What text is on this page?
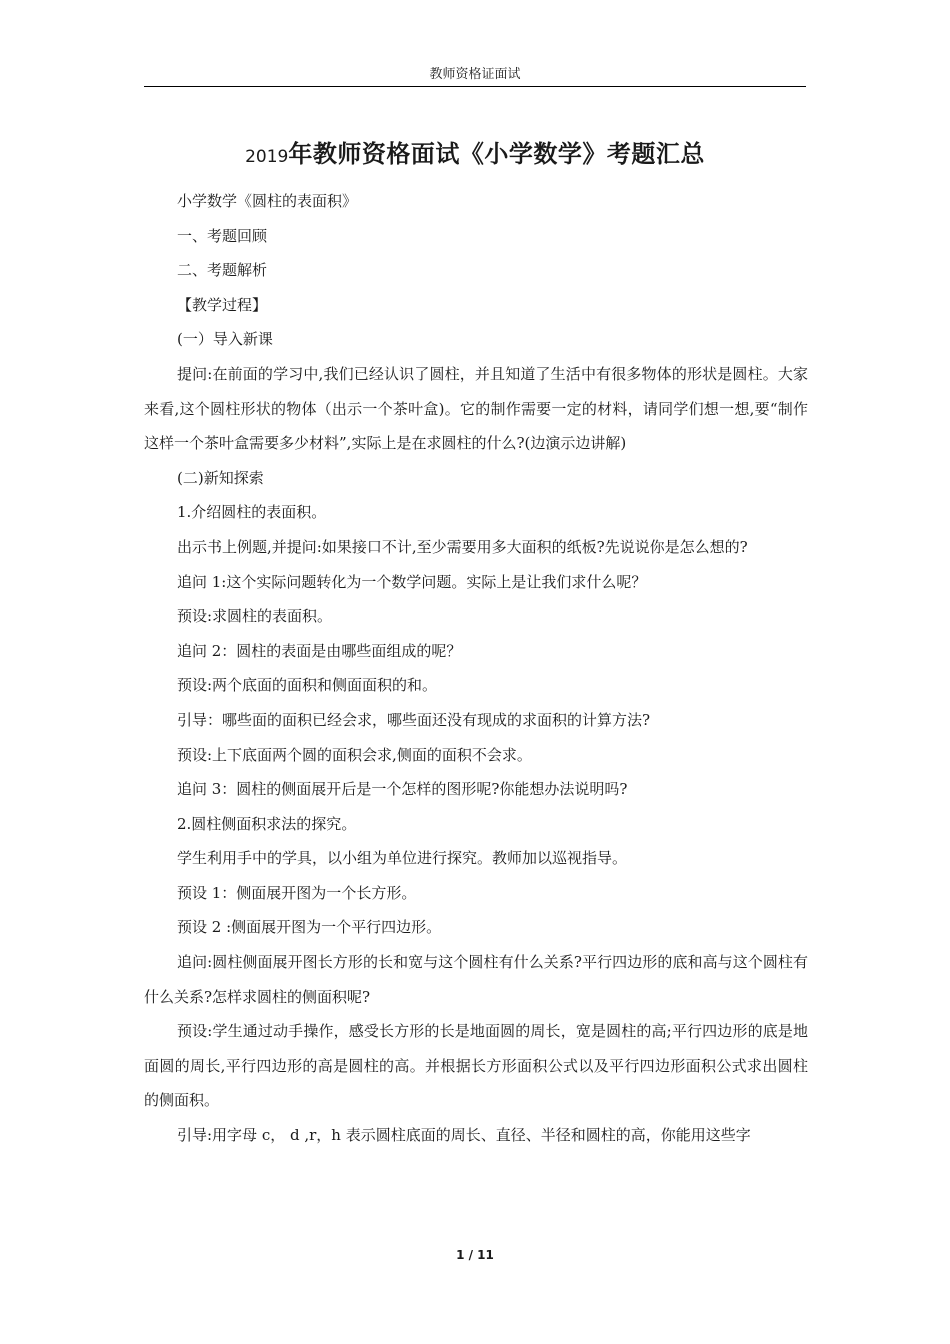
教师资格证面试
2019年教师资格面试《小学数学》考题汇总

小学数学《圆柱的表面积》

一、考题回顾

二、考题解析

【教学过程】

(一）导入新课

提问:在前面的学习中,我们已经认识了圆柱，并且知道了生活中有很多物体的形状是圆柱。大家来看,这个圆柱形状的物体（出示一个茶叶盒)。它的制作需要一定的材料，请同学们想一想,要“制作这样一个茶叶盒需要多少材料”,实际上是在求圆柱的什么?(边演示边讲解)

(二)新知探索

1.介绍圆柱的表面积。

出示书上例题,并提问:如果接口不计,至少需要用多大面积的纸板?先说说你是怎么想的?

追问 1:这个实际问题转化为一个数学问题。实际上是让我们求什么呢？

预设:求圆柱的表面积。

追问 2：圆柱的表面是由哪些面组成的呢？

预设:两个底面的面积和侧面面积的和。

引导：哪些面的面积已经会求，哪些面还没有现成的求面积的计算方法?

预设:上下底面两个圆的面积会求,侧面的面积不会求。

追问 3：圆柱的侧面展开后是一个怎样的图形呢?你能想办法说明吗?

2.圆柱侧面积求法的探究。

学生利用手中的学具，以小组为单位进行探究。教师加以巡视指导。

预设 1：侧面展开图为一个长方形。

预设 2 :侧面展开图为一个平行四边形。

追问:圆柱侧面展开图长方形的长和宽与这个圆柱有什么关系?平行四边形的底和高与这个圆柱有什么关系?怎样求圆柱的侧面积呢?

预设:学生通过动手操作，感受长方形的长是地面圆的周长，宽是圆柱的高;平行四边形的底是地面圆的周长,平行四边形的高是圆柱的高。并根据长方形面积公式以及平行四边形面积公式求出圆柱的侧面积。

引导:用字母 c， d ,r，h 表示圆柱底面的周长、直径、半径和圆柱的高，你能用这些字

1 / 11
